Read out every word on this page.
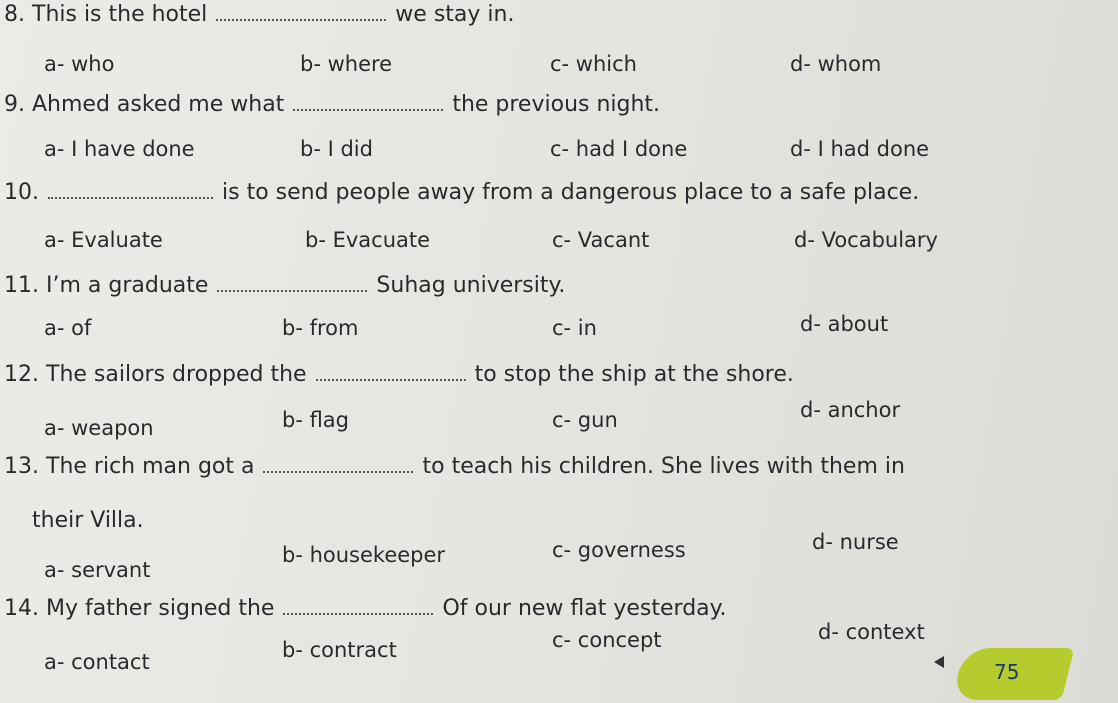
8. This is the hotel	we stay in.
a- who	b- where	c- which	d- whom
9. Ahmed asked me what	the previous night.
a- I have done	b- I did	c- had I done	d- I had done
10.	is to send people away from a dangerous place to a safe place.
a- Evaluate	b- Evacuate	c- Vacant	d- Vocabulary
11. I’m a graduate	Suhag university.
a- of	b- from	c- in	d- about
12. The sailors dropped the	to stop the ship at the shore.
a- weapon	b- flag	c- gun	d- anchor
13. The rich man got a	to teach his children. She lives with them in
their Villa.
a- servant
b- housekeeper	c- governess	d- nurse
14. My father signed the	Of our new flat yesterday.
a- contact	b- contract	c- concept	d- context
75
